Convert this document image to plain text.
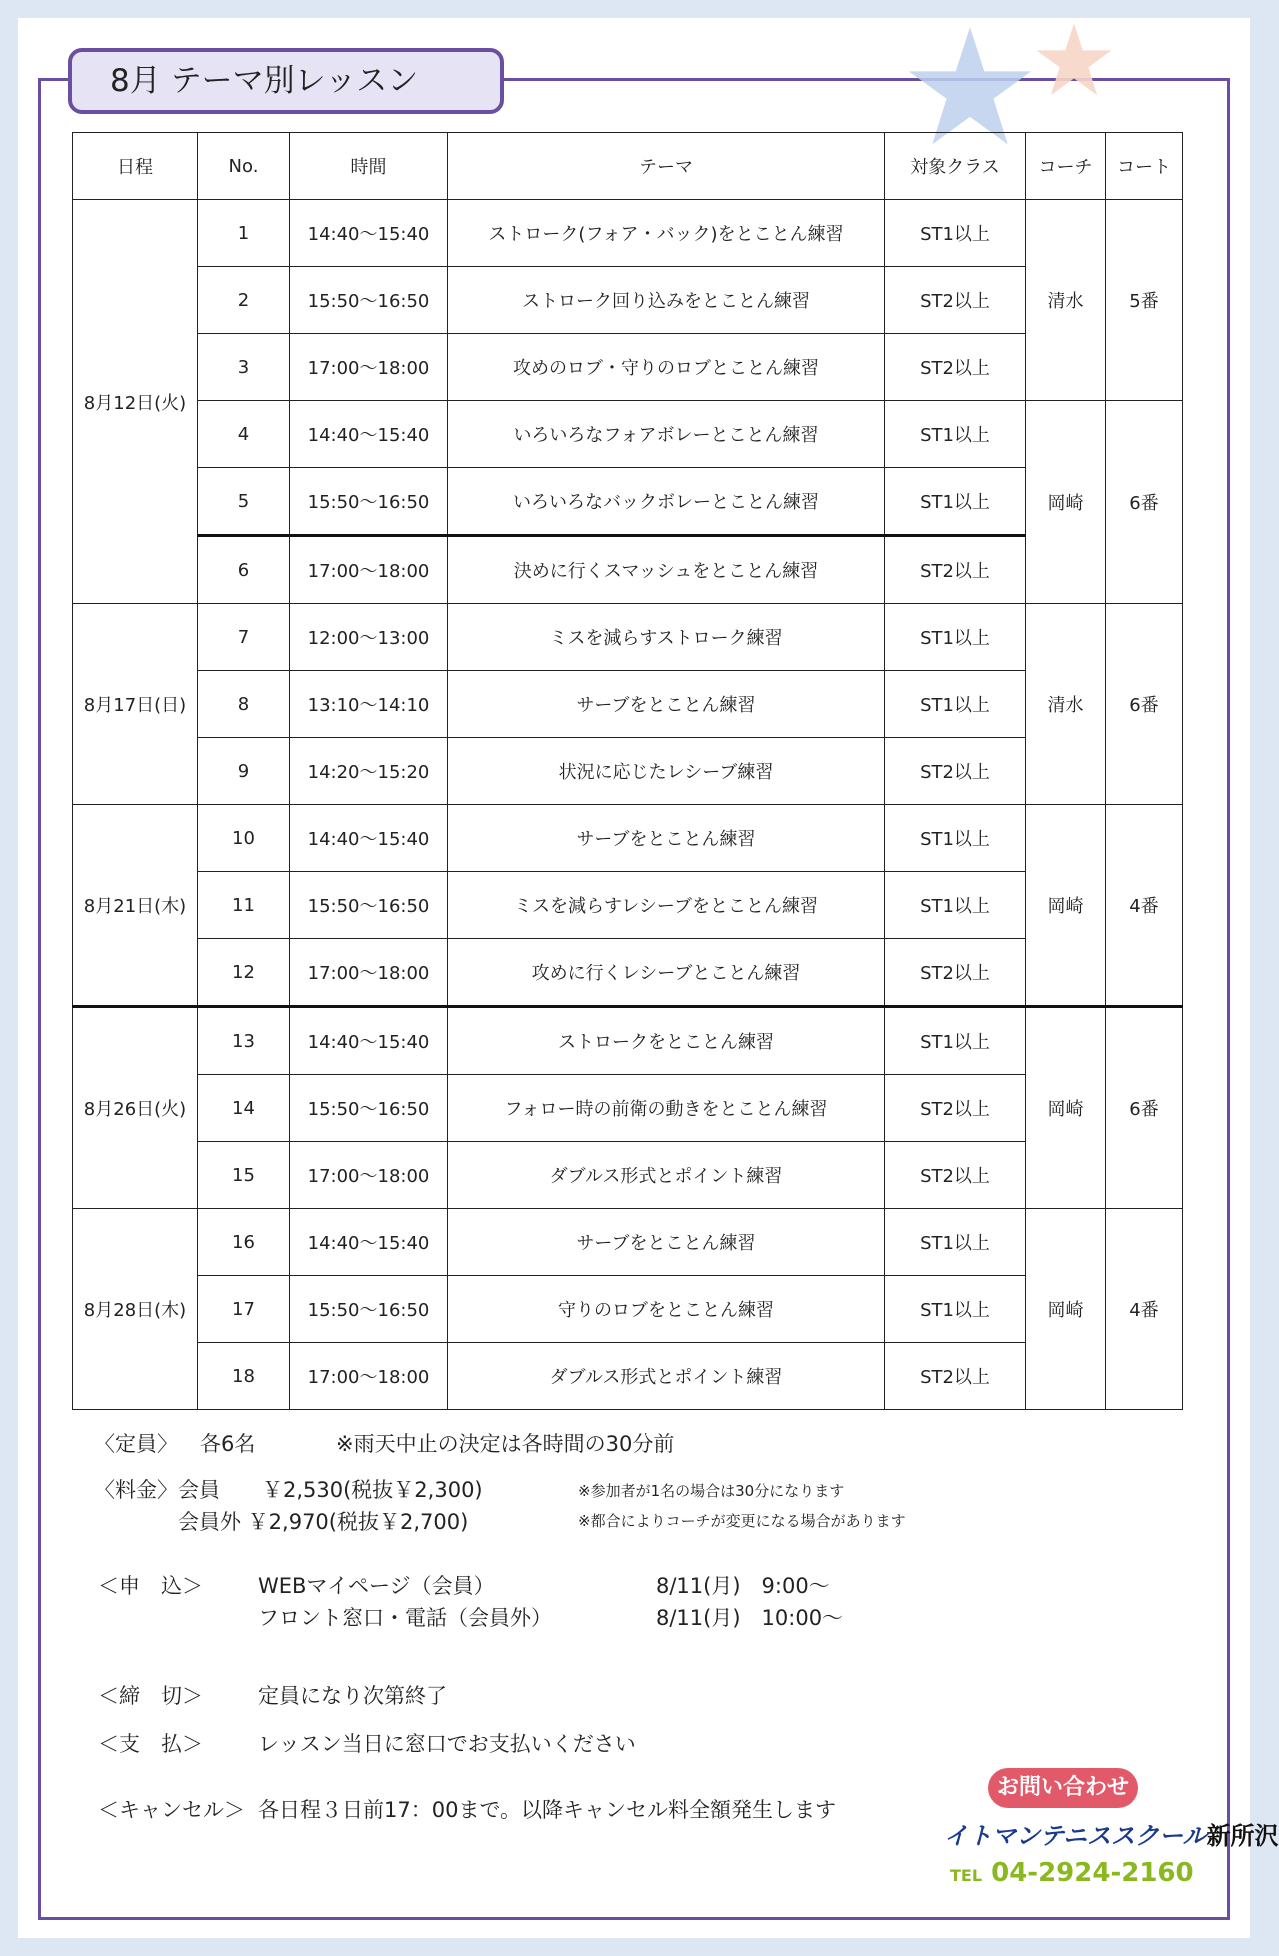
8月 テーマ別レッスン
日程	No.	時間	テーマ	対象クラス	コーチ	コート
8月12日(火)	1	14:40〜15:40	ストローク(フォア・バック)をとことん練習	ST1以上	清水	5番
	2	15:50〜16:50	ストローク回り込みをとことん練習	ST2以上		
	3	17:00〜18:00	攻めのロブ・守りのロブとことん練習	ST2以上		
	4	14:40〜15:40	いろいろなフォアボレーとことん練習	ST1以上	岡崎	6番
	5	15:50〜16:50	いろいろなバックボレーとことん練習	ST1以上		
	6	17:00〜18:00	決めに行くスマッシュをとことん練習	ST2以上		
8月17日(日)	7	12:00〜13:00	ミスを減らすストローク練習	ST1以上	清水	6番
	8	13:10〜14:10	サーブをとことん練習	ST1以上		
	9	14:20〜15:20	状況に応じたレシーブ練習	ST2以上		
8月21日(木)	10	14:40〜15:40	サーブをとことん練習	ST1以上	岡崎	4番
	11	15:50〜16:50	ミスを減らすレシーブをとことん練習	ST1以上		
	12	17:00〜18:00	攻めに行くレシーブとことん練習	ST2以上		
8月26日(火)	13	14:40〜15:40	ストロークをとことん練習	ST1以上	岡崎	6番
	14	15:50〜16:50	フォロー時の前衛の動きをとことん練習	ST2以上		
	15	17:00〜18:00	ダブルス形式とポイント練習	ST2以上		
8月28日(木)	16	14:40〜15:40	サーブをとことん練習	ST1以上	岡崎	4番
	17	15:50〜16:50	守りのロブをとことん練習	ST1以上		
	18	17:00〜18:00	ダブルス形式とポイント練習	ST2以上		
〈定員〉 各6名	※雨天中止の決定は各時間の30分前
〈料金〉 会員　　￥2,530(税抜￥2,300)
会員外 ￥2,970(税抜￥2,700)
※参加者が1名の場合は30分になります
※都合によりコーチが変更になる場合があります
＜申　込＞	WEBマイページ（会員）	8/11(月)　9:00〜
フロント窓口・電話（会員外）	8/11(月)　10:00〜
＜締　切＞	定員になり次第終了
＜支　払＞	レッスン当日に窓口でお支払いください
＜キャンセル＞ 各日程３日前17：00まで。以降キャンセル料全額発生します
お問い合わせ
イトマンテニススクール新所沢
TEL 04-2924-2160
